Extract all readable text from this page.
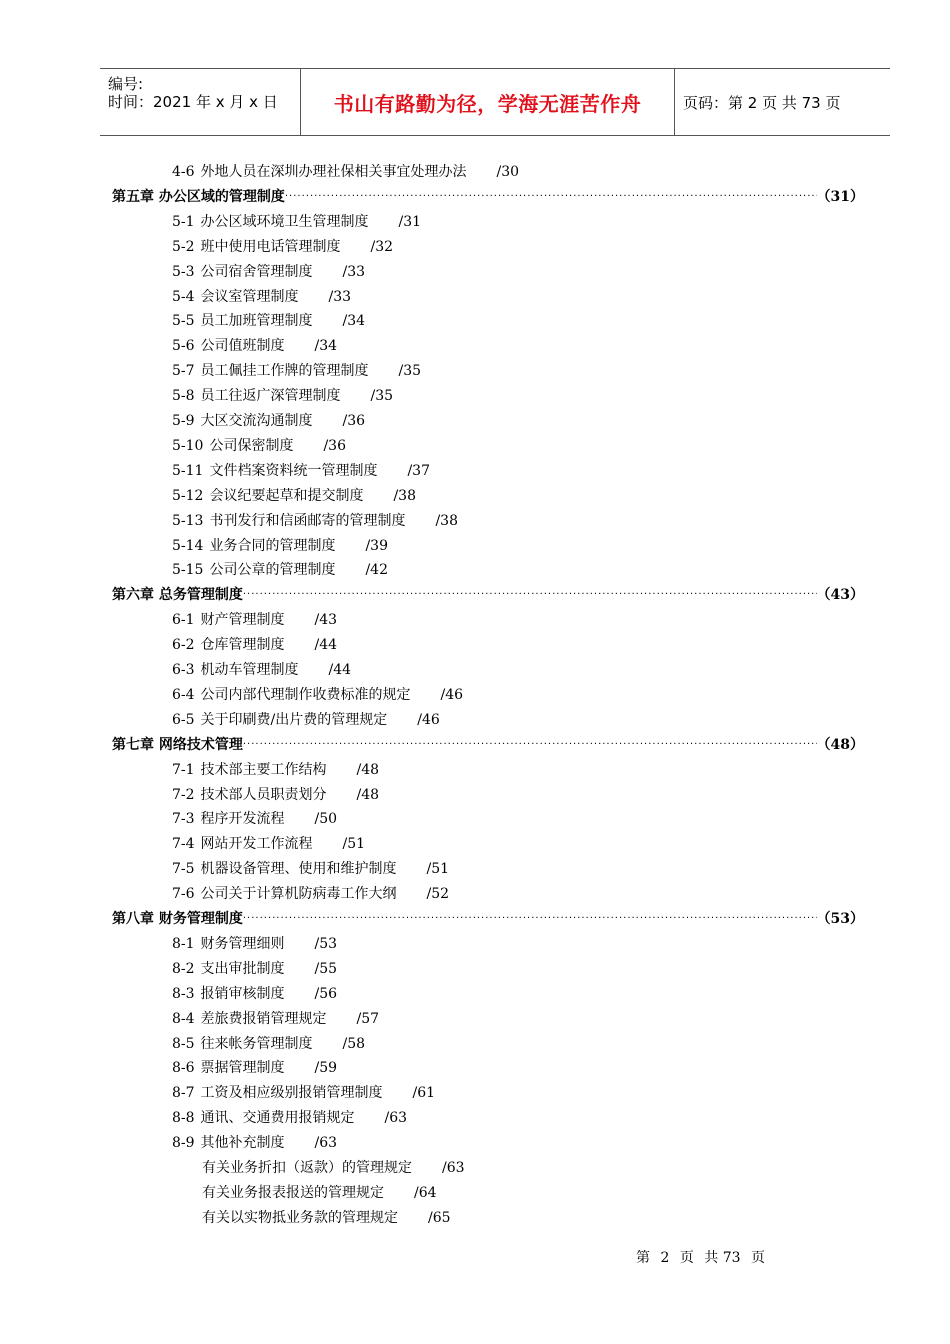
编号:
时间：2021 年 x 月 x 日	书山有路勤为径，学海无涯苦作舟	页码：第 2 页 共 73 页
4-6 外地人员在深圳办理社保相关事宜处理办法 /30
第五章 办公区域的管理制度 ·····	（31）
5-1 办公区域环境卫生管理制度 /31
5-2 班中使用电话管理制度 /32
5-3 公司宿舍管理制度 /33
5-4 会议室管理制度 /33
5-5 员工加班管理制度 /34
5-6 公司值班制度 /34
5-7 员工佩挂工作牌的管理制度 /35
5-8 员工往返广深管理制度 /35
5-9 大区交流沟通制度 /36
5-10 公司保密制度 /36
5-11 文件档案资料统一管理制度 /37
5-12 会议纪要起草和提交制度 /38
5-13 书刊发行和信函邮寄的管理制度 /38
5-14 业务合同的管理制度 /39
5-15 公司公章的管理制度 /42
第六章 总务管理制度 ·····	（43）
6-1 财产管理制度 /43
6-2 仓库管理制度 /44
6-3 机动车管理制度 /44
6-4 公司内部代理制作收费标准的规定 /46
6-5 关于印刷费/出片费的管理规定 /46
第七章 网络技术管理 ·····	（48）
7-1 技术部主要工作结构 /48
7-2 技术部人员职责划分 /48
7-3 程序开发流程 /50
7-4 网站开发工作流程 /51
7-5 机器设备管理、使用和维护制度 /51
7-6 公司关于计算机防病毒工作大纲 /52
第八章 财务管理制度 ·····	（53）
8-1 财务管理细则 /53
8-2 支出审批制度 /55
8-3 报销审核制度 /56
8-4 差旅费报销管理规定 /57
8-5 往来帐务管理制度 /58
8-6 票据管理制度 /59
8-7 工资及相应级别报销管理制度 /61
8-8 通讯、交通费用报销规定 /63
8-9 其他补充制度 /63
有关业务折扣（返款）的管理规定 /63
有关业务报表报送的管理规定 /64
有关以实物抵业务款的管理规定 /65
第 2 页 共 73 页
